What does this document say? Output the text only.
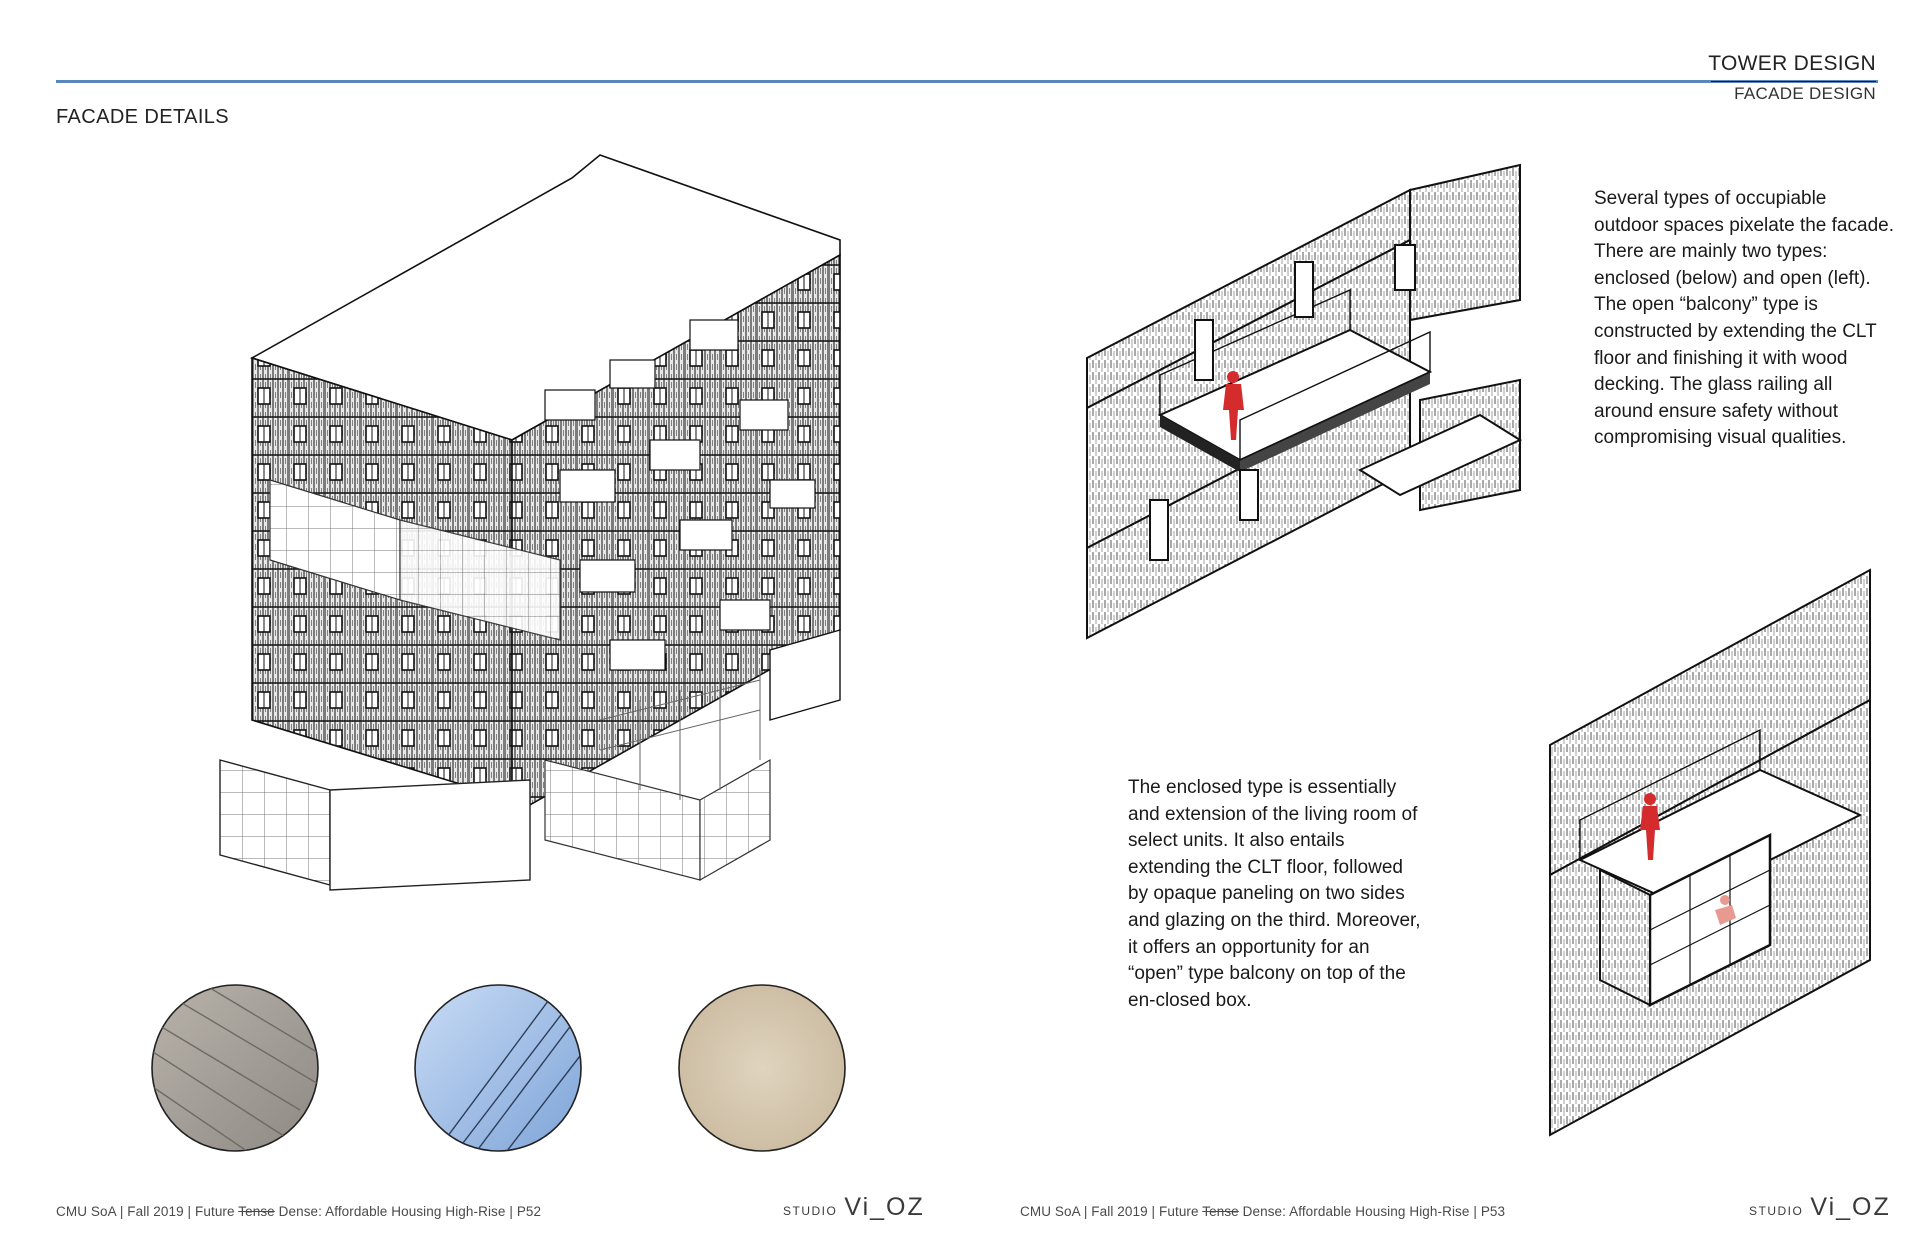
TOWER DESIGN
FACADE DESIGN
FACADE DETAILS
Several types of occupiable outdoor spaces pixelate the facade. There are mainly two types: enclosed (below) and open (left). The open “balcony” type is constructed by extending the CLT floor and finishing it with wood decking. The glass railing all around ensure safety without compromising visual qualities.
The enclosed type is essentially and extension of the living room of select units. It also entails extending the CLT floor, followed by opaque paneling on two sides and glazing on the third. Moreover, it offers an opportunity for an “open” type balcony on top of the en-closed box.
CMU SoA | Fall 2019 | Future Tense Dense: Affordable Housing High-Rise | P52	STUDIO Vi_OZ	CMU SoA | Fall 2019 | Future Tense Dense: Affordable Housing High-Rise | P53	STUDIO Vi_OZ
